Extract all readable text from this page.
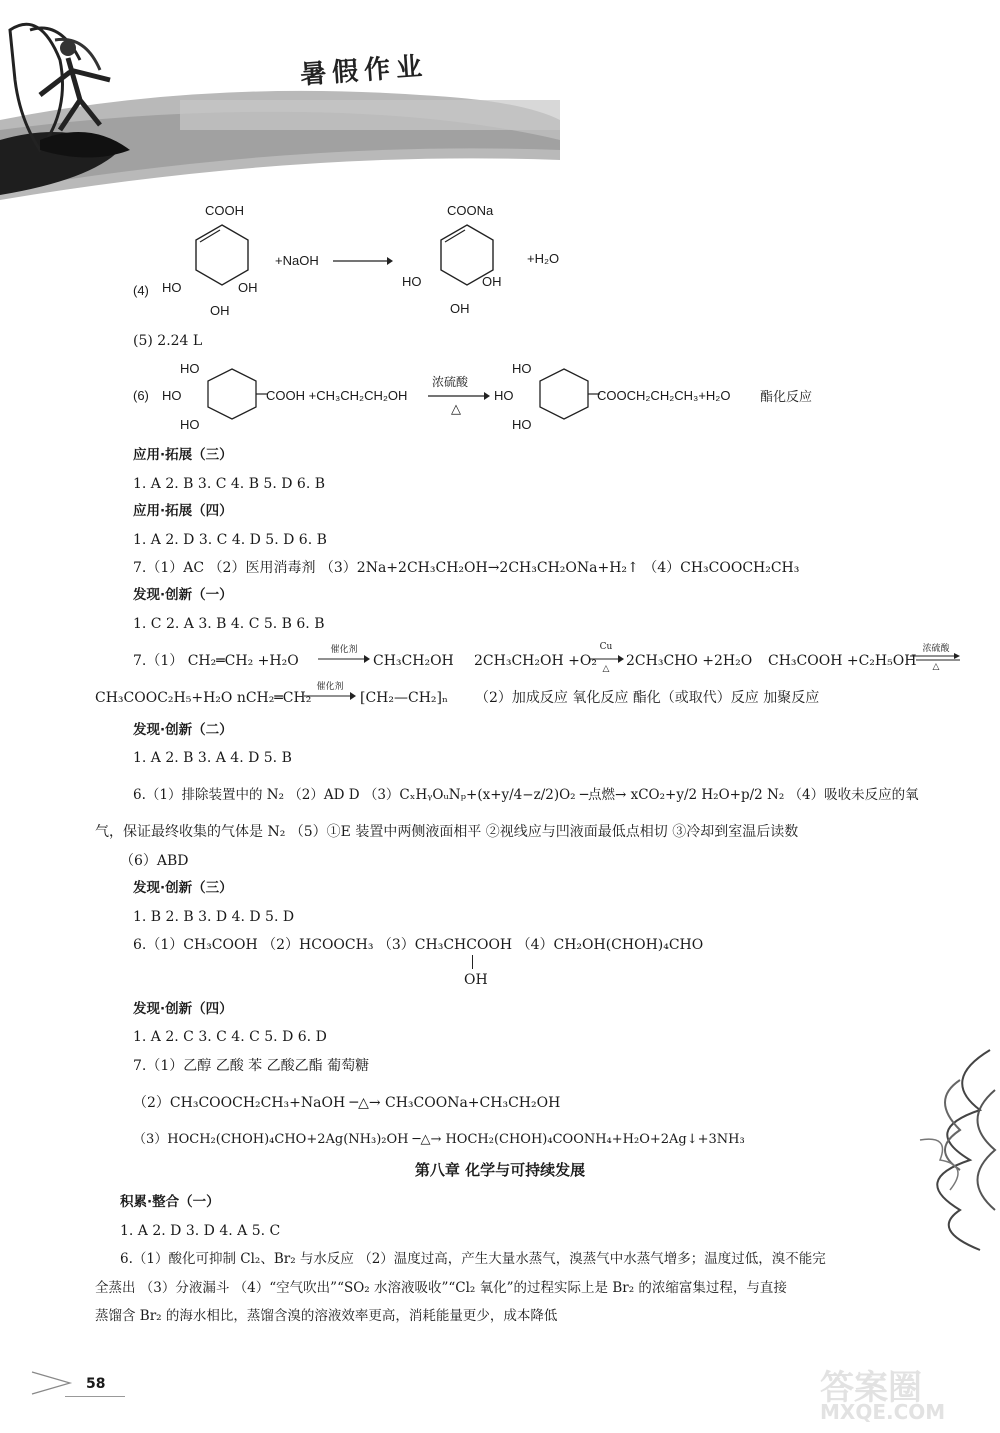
暑假作业
COOH
(4) HO	OH
OH
+NaOH
COONa
HO	OH
OH
+H₂O
(5) 2.24 L
(6)
HO
HO
HO
COOH +CH₃CH₂CH₂OH
浓硫酸
△
HO
HO
HO
COOCH₂CH₂CH₃+H₂O 酯化反应
应用·拓展（三）
1. A 2. B 3. C 4. B 5. D 6. B
应用·拓展（四）
1. A 2. D 3. C 4. D 5. D 6. B
7.（1）AC （2）医用消毒剂 （3）2Na+2CH₃CH₂OH→2CH₃CH₂ONa+H₂↑ （4）CH₃COOCH₂CH₃
发现·创新（一）
1. C 2. A 3. B 4. C 5. B 6. B
7.（1） CH₂═CH₂ +H₂O
催化剂
CH₃CH₂OH 2CH₃CH₂OH +O₂
Cu
△	2CH₃CHO +2H₂O CH₃COOH +C₂H₅OH
浓硫酸
△
CH₃COOC₂H₅+H₂O nCH₂═CH₂
催化剂
[CH₂—CH₂]ₙ （2）加成反应 氧化反应 酯化（或取代）反应 加聚反应
发现·创新（二）
1. A 2. B 3. A 4. D 5. B
6.（1）排除装置中的 N₂ （2）AD D （3）CₓHᵧOᵤNₚ+(x+y/4−z/2)O₂ ─点燃→ xCO₂+y/2 H₂O+p/2 N₂ （4）吸收未反应的氧
气，保证最终收集的气体是 N₂ （5）①E 装置中两侧液面相平 ②视线应与凹液面最低点相切 ③冷却到室温后读数
（6）ABD
发现·创新（三）
1. B 2. B 3. D 4. D 5. D
6.（1）CH₃COOH （2）HCOOCH₃ （3）CH₃CHCOOH （4）CH₂OH(CHOH)₄CHO
OH
发现·创新（四）
1. A 2. C 3. C 4. C 5. D 6. D
7.（1）乙醇 乙酸 苯 乙酸乙酯 葡萄糖
（2）CH₃COOCH₂CH₃+NaOH ─△→ CH₃COONa+CH₃CH₂OH
（3）HOCH₂(CHOH)₄CHO+2Ag(NH₃)₂OH ─△→ HOCH₂(CHOH)₄COONH₄+H₂O+2Ag↓+3NH₃
第八章 化学与可持续发展
积累·整合（一）
1. A 2. D 3. D 4. A 5. C
6.（1）酸化可抑制 Cl₂、Br₂ 与水反应 （2）温度过高，产生大量水蒸气，溴蒸气中水蒸气增多；温度过低，溴不能完
全蒸出 （3）分液漏斗 （4）“空气吹出”“SO₂ 水溶液吸收”“Cl₂ 氧化”的过程实际上是 Br₂ 的浓缩富集过程，与直接
蒸馏含 Br₂ 的海水相比，蒸馏含溴的溶液效率更高，消耗能量更少，成本降低
58	答案圈
MXQE.COM
